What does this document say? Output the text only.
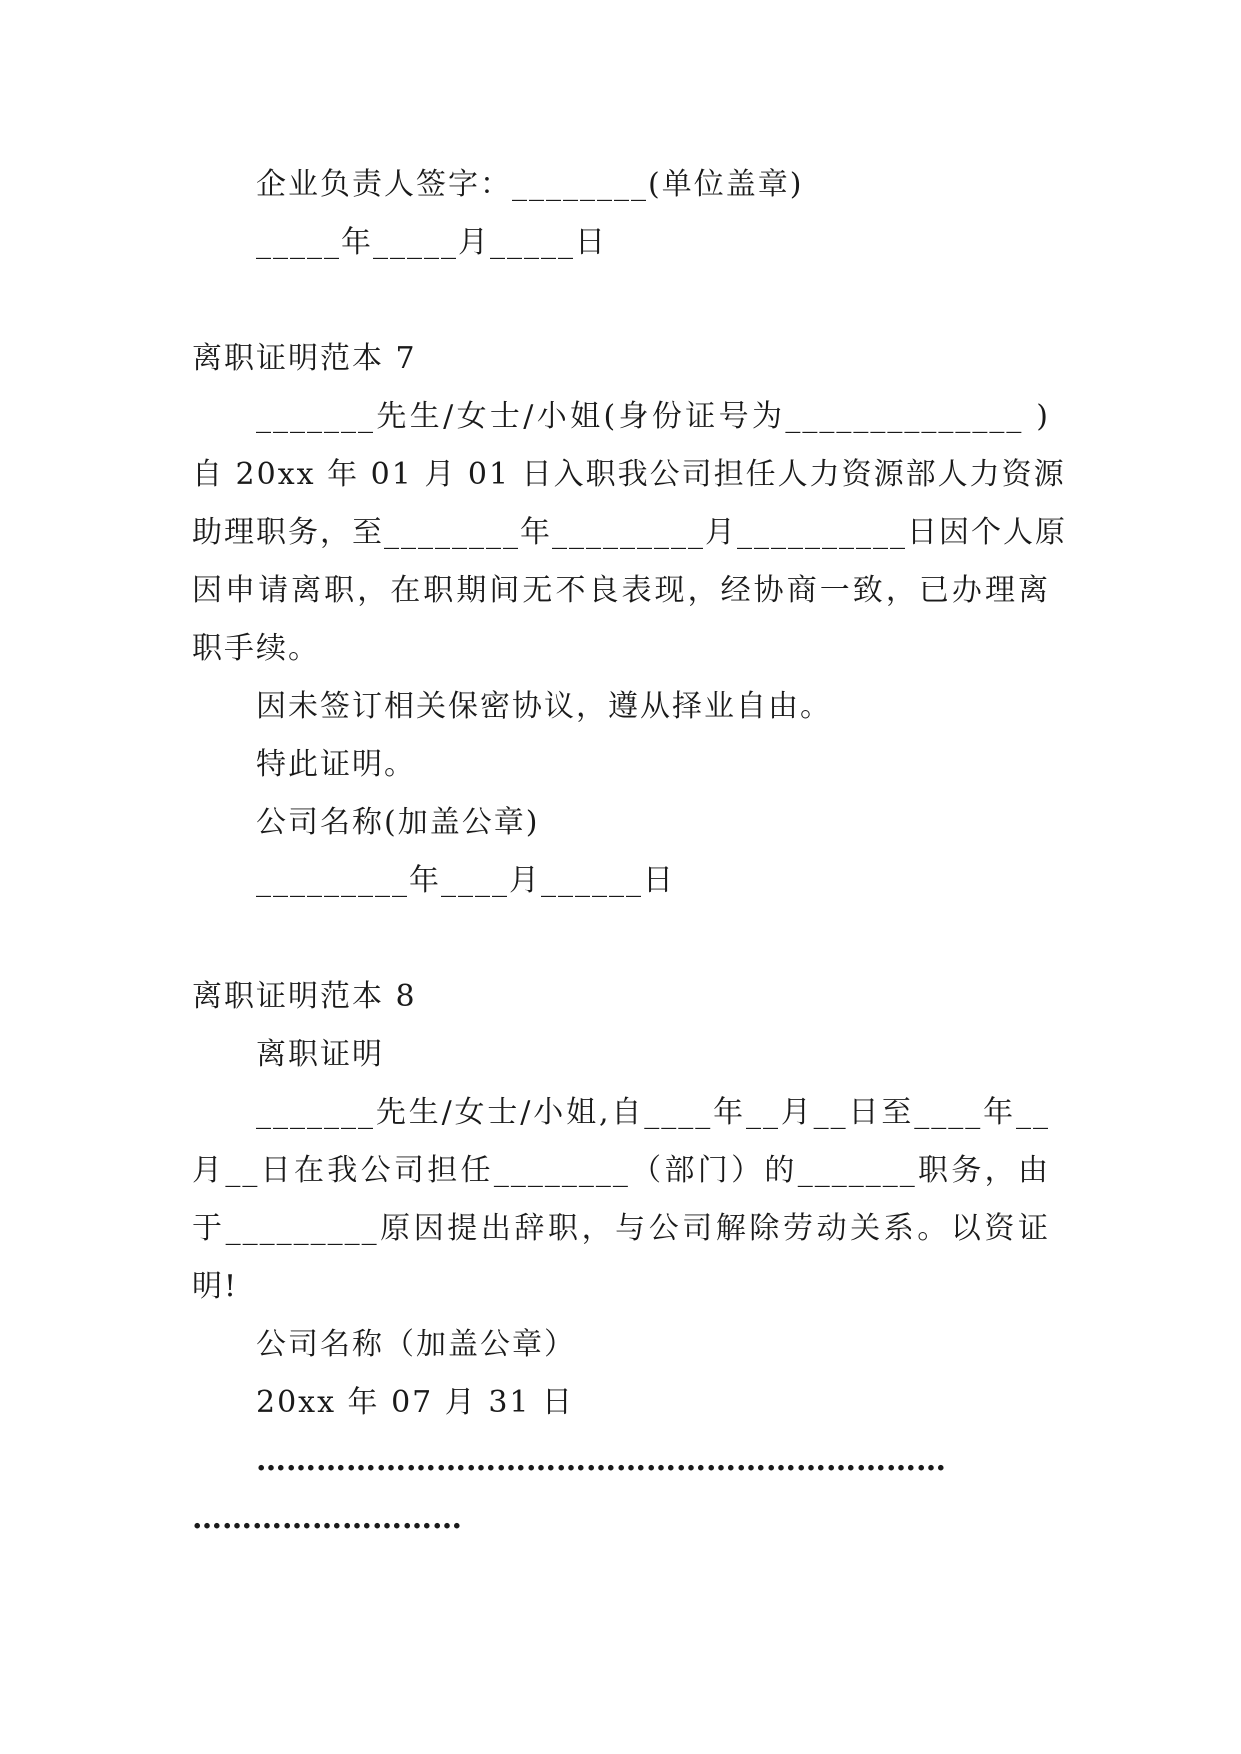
企业负责人签字：________(单位盖章)
_____年_____月_____日
离职证明范本 7
_______先生/女士/小姐(身份证号为______________ )
自 20xx 年 01 月 01 日入职我公司担任人力资源部人力资源
助理职务，至________年_________月__________日因个人原
因申请离职，在职期间无不良表现，经协商一致，已办理离
职手续。
因未签订相关保密协议，遵从择业自由。
特此证明。
公司名称(加盖公章)
_________年____月______日
离职证明范本 8
离职证明
_______先生/女士/小姐,自____年__月__日至____年__
月__日在我公司担任________（部门）的_______职务，由
于_________原因提出辞职，与公司解除劳动关系。以资证
明!
公司名称（加盖公章）
20xx 年 07 月 31 日
……………………………………………………………
………………………
